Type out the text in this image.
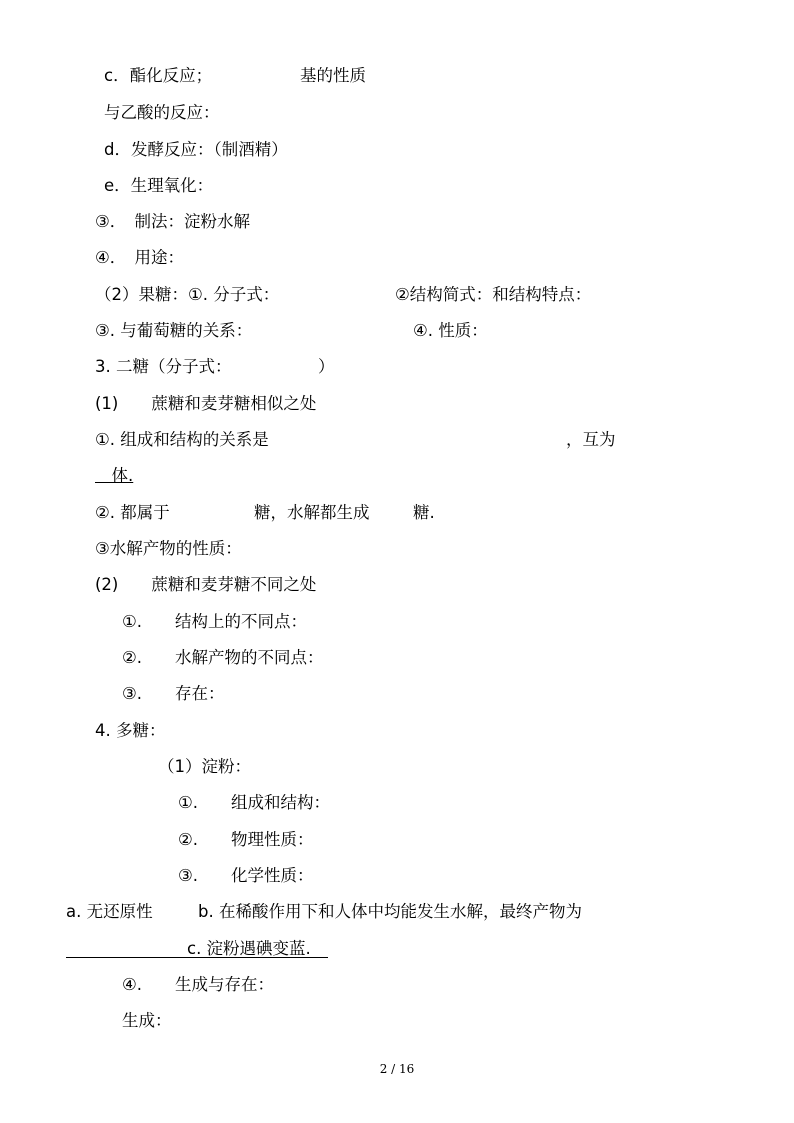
c．酯化反应；	基的性质
与乙酸的反应：
d．发酵反应：（制酒精）
e．生理氧化：
③．　制法：淀粉水解
④．　用途：
（2）果糖：①. 分子式：	②结构简式：和结构特点：
③. 与葡萄糖的关系：	④. 性质：
3. 二糖（分子式：	）
(1)　　蔗糖和麦芽糖相似之处
①. 组成和结构的关系是	，互为
　体.
②. 都属于	糖，水解都生成	糖.
③水解产物的性质：
(2)　　蔗糖和麦芽糖不同之处
①.　　结构上的不同点：
②.　　水解产物的不同点：
③.　　存在：
4. 多糖：
（1）淀粉：
①.　　组成和结构：
②.　　物理性质：
③.　　化学性质：
a. 无还原性	b. 在稀酸作用下和人体中均能发生水解，最终产物为
c. 淀粉遇碘变蓝.
④.　　生成与存在：
生成：
2 / 16
